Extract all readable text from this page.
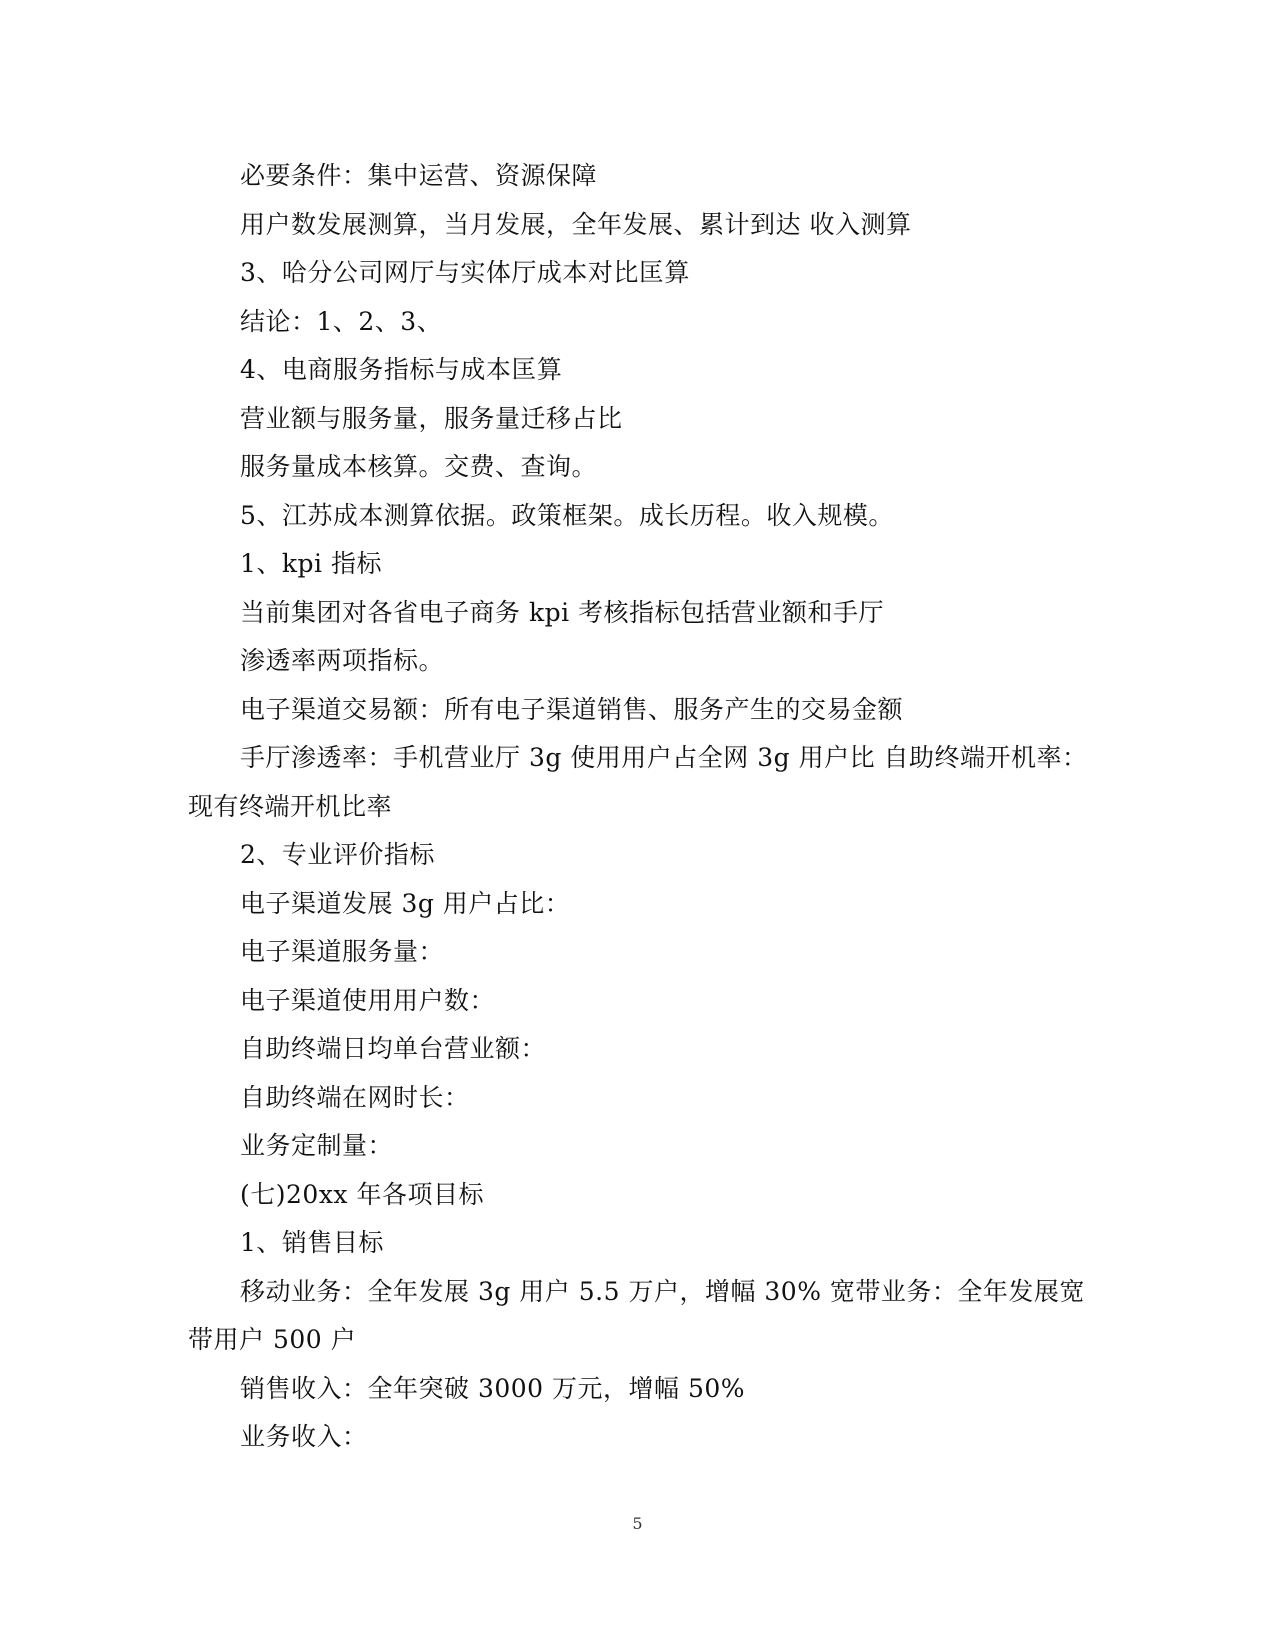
必要条件：集中运营、资源保障

用户数发展测算，当月发展，全年发展、累计到达 收入测算

3、哈分公司网厅与实体厅成本对比匡算

结论：1、2、3、

4、电商服务指标与成本匡算

营业额与服务量，服务量迁移占比

服务量成本核算。交费、查询。

5、江苏成本测算依据。政策框架。成长历程。收入规模。

1、kpi 指标

当前集团对各省电子商务 kpi 考核指标包括营业额和手厅

渗透率两项指标。

电子渠道交易额：所有电子渠道销售、服务产生的交易金额

手厅渗透率：手机营业厅 3g 使用用户占全网 3g 用户比 自助终端开机率：现有终端开机比率

2、专业评价指标

电子渠道发展 3g 用户占比：

电子渠道服务量：

电子渠道使用用户数：

自助终端日均单台营业额：

自助终端在网时长：

业务定制量：

(七)20xx 年各项目标

1、销售目标

移动业务：全年发展 3g 用户 5.5 万户，增幅 30% 宽带业务：全年发展宽带用户 500 户

销售收入：全年突破 3000 万元，增幅 50%

业务收入：

5
